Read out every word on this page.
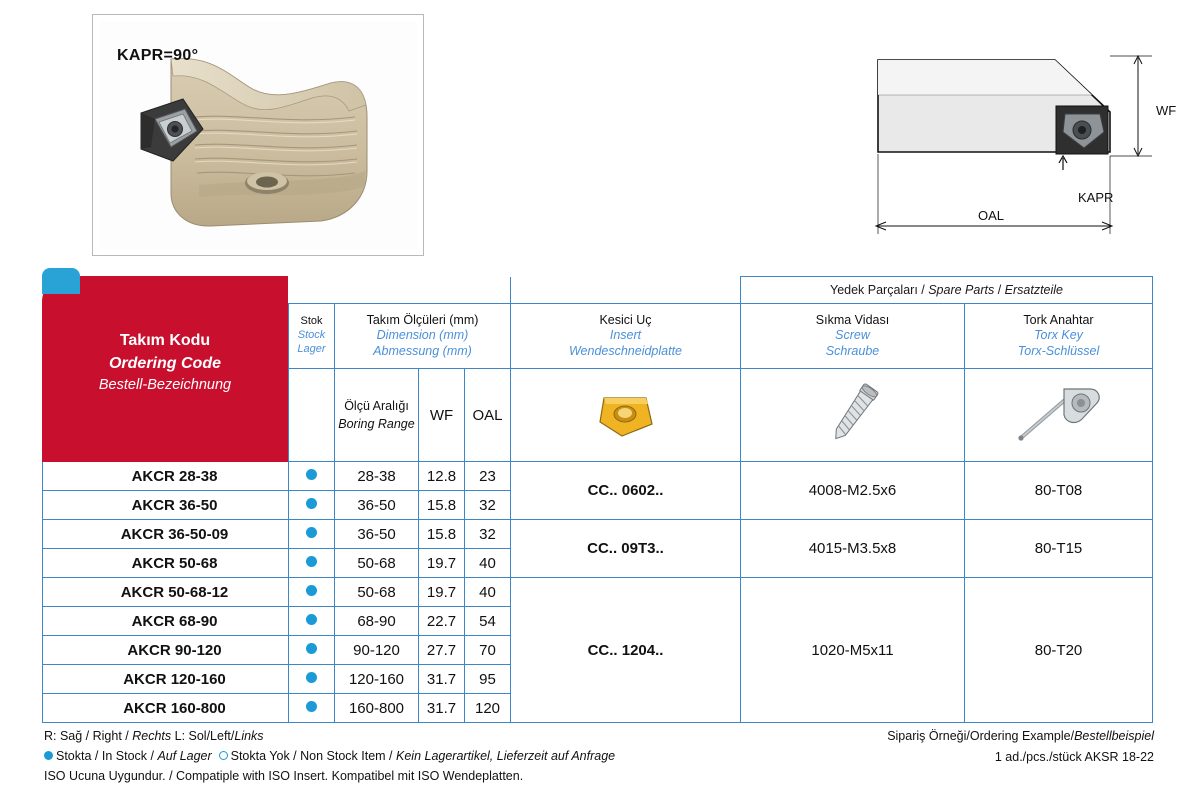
KAPR=90°
WF
KAPR
OAL
						Yedek Parçaları / Spare Parts / Ersatzteile	

Stok
Stock
Lager

Takım Ölçüleri (mm)
Dimension (mm)
Abmessung (mm)

Kesici Uç
Insert
Wendeschneidplatte

Sıkma Vidası
Screw
Schraube

Tork Anahtar
Torx Key
Torx-Schlüssel

		Ölçü Aralığı
Boring Range	WF	OAL			
AKCR 28-38		28-38	12.8	23	CC.. 0602..	4008-M2.5x6	80-T08
AKCR 36-50		36-50	15.8	32			
AKCR 36-50-09		36-50	15.8	32	CC.. 09T3..	4015-M3.5x8	80-T15
AKCR 50-68		50-68	19.7	40			
AKCR 50-68-12		50-68	19.7	40	CC.. 1204..	1020-M5x11	80-T20
AKCR 68-90		68-90	22.7	54			
AKCR 90-120		90-120	27.7	70			
AKCR 120-160		120-160	31.7	95			
AKCR 160-800		160-800	31.7	120			
Takım Kodu
Ordering Code
Bestell-Bezeichnung
R: Sağ / Right / Rechts L: Sol/Left/Links
Stokta / In Stock / Auf Lager Stokta Yok / Non Stock Item / Kein Lagerartikel, Lieferzeit auf Anfrage
ISO Ucuna Uygundur. / Compatiple with ISO Insert. Kompatibel mit ISO Wendeplatten.
Sipariş Örneği/Ordering Example/Bestellbeispiel
1 ad./pcs./stück AKSR 18-22
